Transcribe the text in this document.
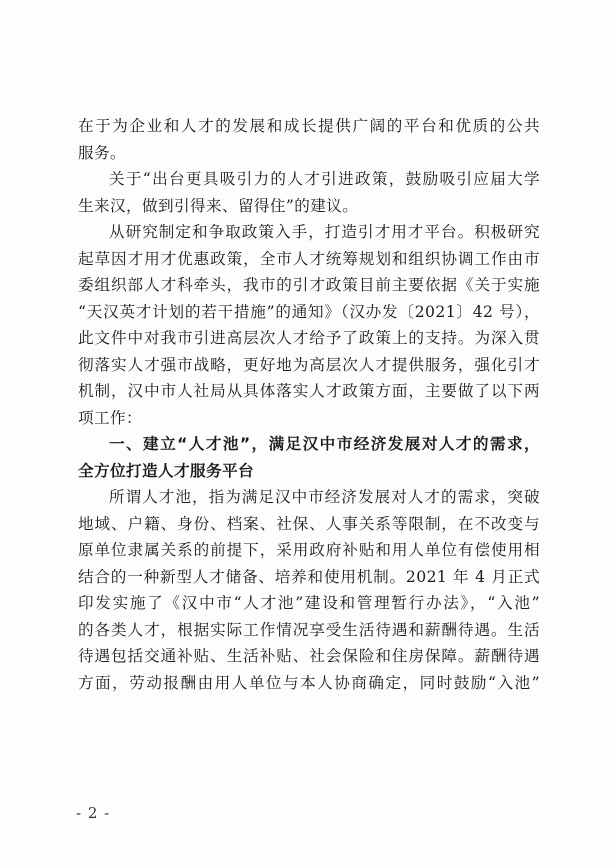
在于为企业和人才的发展和成长提供广阔的平台和优质的公共
服务。
关于“出台更具吸引力的人才引进政策，鼓励吸引应届大学
生来汉，做到引得来、留得住”的建议。
从研究制定和争取政策入手，打造引才用才平台。积极研究
起草因才用才优惠政策，全市人才统筹规划和组织协调工作由市
委组织部人才科牵头，我市的引才政策目前主要依据《关于实施
“天汉英才计划的若干措施”的通知》（汉办发〔2021〕42 号），
此文件中对我市引进高层次人才给予了政策上的支持。为深入贯
彻落实人才强市战略，更好地为高层次人才提供服务，强化引才
机制，汉中市人社局从具体落实人才政策方面，主要做了以下两
项工作：
一、建立“人才池”，满足汉中市经济发展对人才的需求，
全方位打造人才服务平台
所谓人才池，指为满足汉中市经济发展对人才的需求，突破
地域、户籍、身份、档案、社保、人事关系等限制，在不改变与
原单位隶属关系的前提下，采用政府补贴和用人单位有偿使用相
结合的一种新型人才储备、培养和使用机制。2021 年 4 月正式
印发实施了《汉中市“人才池”建设和管理暂行办法》，“入池”
的各类人才，根据实际工作情况享受生活待遇和薪酬待遇。生活
待遇包括交通补贴、生活补贴、社会保险和住房保障。薪酬待遇
方面，劳动报酬由用人单位与本人协商确定，同时鼓励“入池”
- 2 -
